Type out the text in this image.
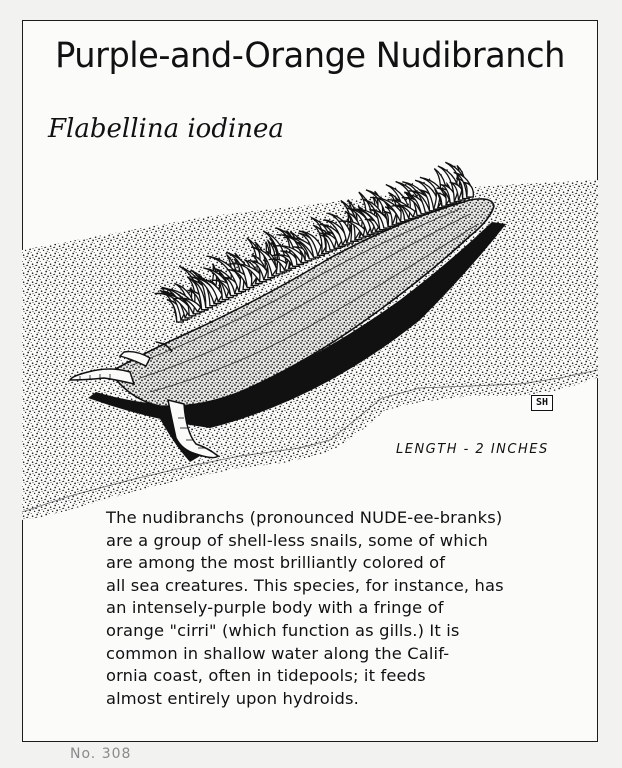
Purple-and-Orange Nudibranch
Flabellina iodinea
SH
LENGTH - 2 INCHES
The nudibranchs (pronounced NUDE-ee-branks)
are a group of shell-less snails, some of which
are among the most brilliantly colored of
all sea creatures. This species, for instance, has
an intensely-purple body with a fringe of
orange "cirri" (which function as gills.) It is
common in shallow water along the Calif-
ornia coast, often in tidepools; it feeds
almost entirely upon hydroids.
No. 308
